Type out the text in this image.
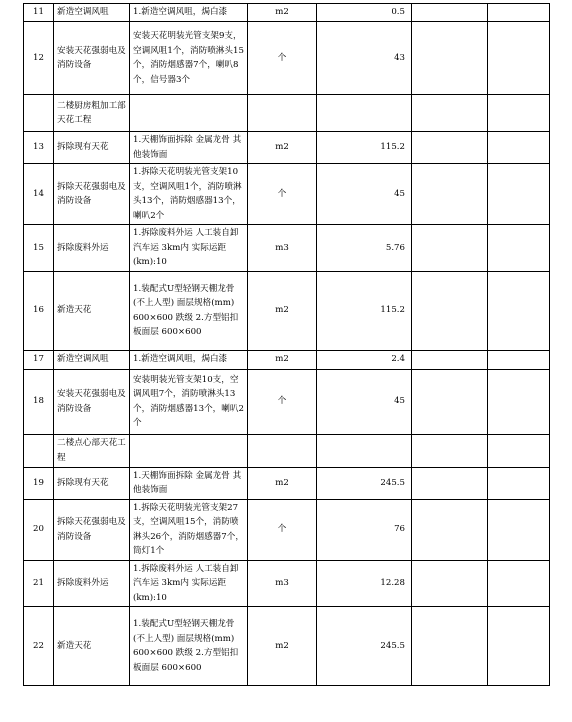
11	新造空调风咀	1.新造空调风咀，焗白漆	m2	0.5		
12	安装天花强弱电及消防设备	安装天花明装光管支架9支，空调风咀1个，消防喷淋头15个，消防烟感器7个，喇叭8个，信号器3个	个	43		
	二楼厨房粗加工部天花工程					
13	拆除现有天花	1.天棚饰面拆除 金属龙骨 其他装饰面	m2	115.2		
14	拆除天花强弱电及消防设备	1.拆除天花明装光管支架10支，空调风咀1个，消防喷淋头13个，消防烟感器13个，喇叭2个	个	45		
15	拆除废料外运	1.拆除废料外运 人工装自卸汽车运 3km内 实际运距(km):10	m3	5.76		
16	新造天花	1.装配式U型轻钢天棚龙骨(不上人型) 面层规格(mm) 600×600 跌级 2.方型铝扣板面层 600×600	m2	115.2		
17	新造空调风咀	1.新造空调风咀，焗白漆	m2	2.4		
18	安装天花强弱电及消防设备	安装明装光管支架10支，空调风咀7个，消防喷淋头13个，消防烟感器13个，喇叭2个	个	45		
	二楼点心部天花工程					
19	拆除现有天花	1.天棚饰面拆除 金属龙骨 其他装饰面	m2	245.5		
20	拆除天花强弱电及消防设备	1.拆除天花明装光管支架27支，空调风咀15个，消防喷淋头26个，消防烟感器7个，筒灯1个	个	76		
21	拆除废料外运	1.拆除废料外运 人工装自卸汽车运 3km内 实际运距(km):10	m3	12.28		
22	新造天花	1.装配式U型轻钢天棚龙骨(不上人型) 面层规格(mm) 600×600 跌级 2.方型铝扣板面层 600×600	m2	245.5		
